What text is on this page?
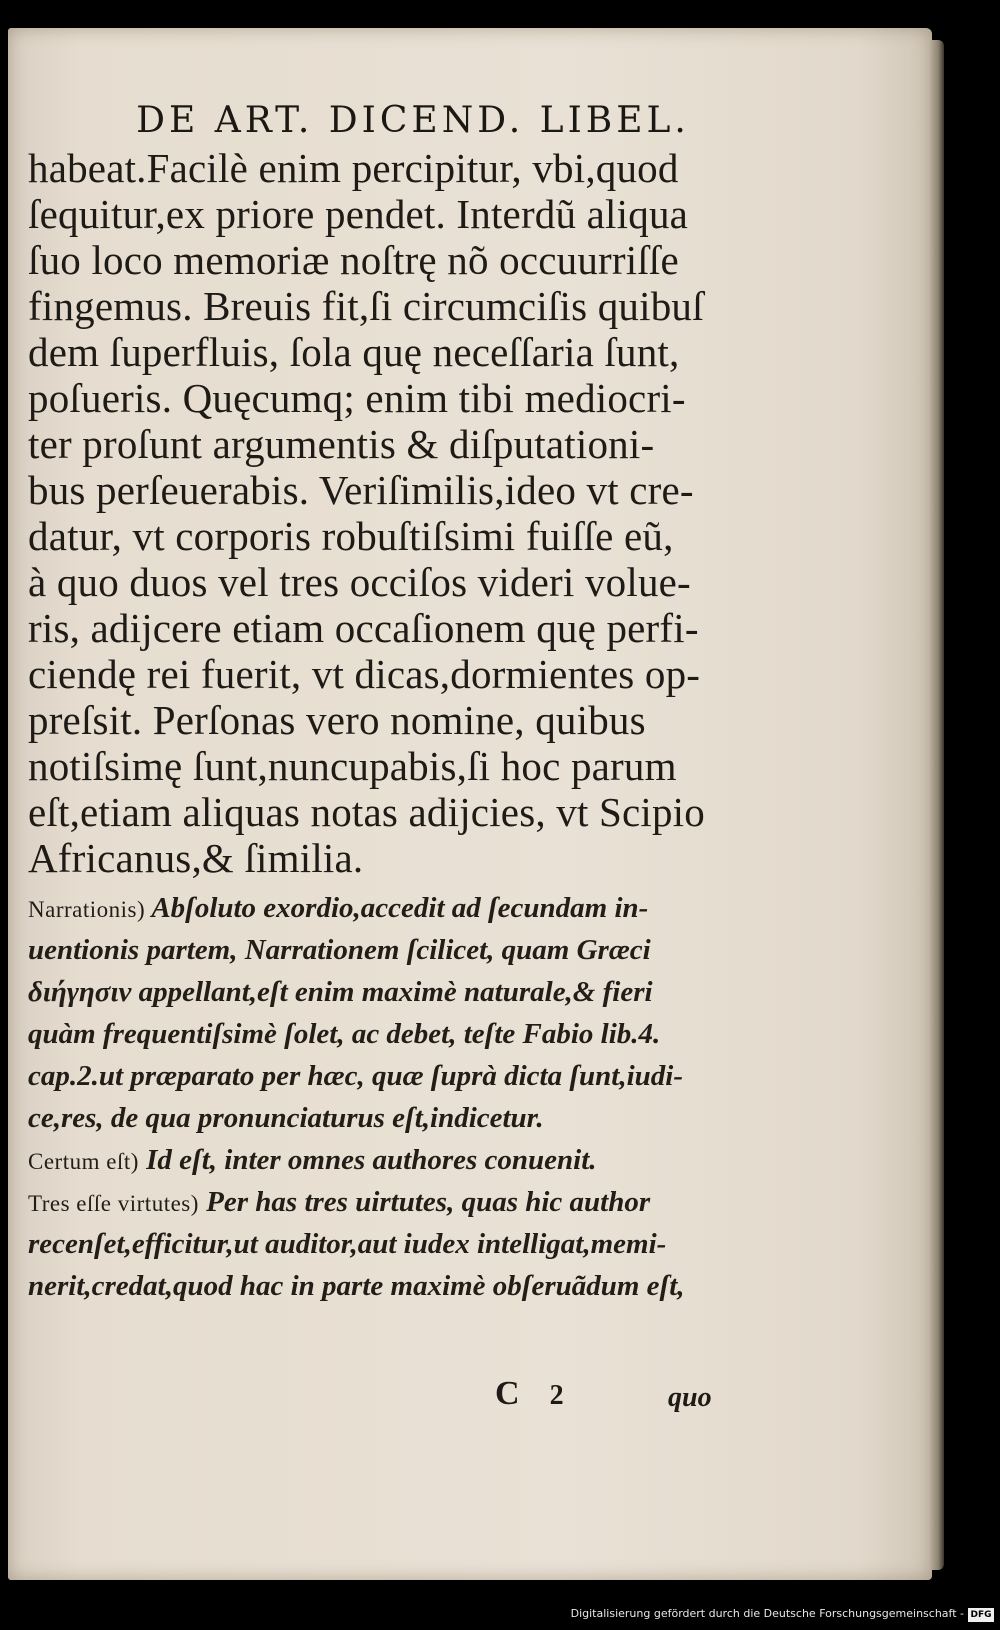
DE ART. DICEND. LIBEL.
habeat.Facilè enim percipitur, vbi,quod
ſequitur,ex priore pendet. Interdũ aliqua
ſuo loco memoriæ noſtrę nõ occuurriſſe
fingemus. Breuis fit,ſi circumciſis quibuſ
dem ſuperfluis, ſola quę neceſſaria ſunt,
poſueris. Quęcumq; enim tibi mediocri-
ter proſunt argumentis & diſputationi-
bus perſeuerabis. Veriſimilis,ideo vt cre-
datur, vt corporis robuſtiſsimi fuiſſe eũ,
à quo duos vel tres occiſos videri volue-
ris, adijcere etiam occaſionem quę perfi-
ciendę rei fuerit, vt dicas,dormientes op-
preſsit. Perſonas vero nomine, quibus
notiſsimę ſunt,nuncupabis,ſi hoc parum
eſt,etiam aliquas notas adijcies, vt Scipio
Africanus,& ſimilia.
Narrationis) Abſoluto exordio,accedit ad ſecundam in-
uentionis partem, Narrationem ſcilicet, quam Græci
διήγησιν appellant,eſt enim maximè naturale,& fieri
quàm frequentiſsimè ſolet, ac debet, teſte Fabio lib.4.
cap.2.ut præparato per hæc, quæ ſuprà dicta ſunt,iudi-
ce,res, de qua pronunciaturus eſt,indicetur.
Certum eſt) Id eſt, inter omnes authores conuenit.
Tres eſſe virtutes) Per has tres uirtutes, quas hic author
recenſet,efficitur,ut auditor,aut iudex intelligat,memi-
nerit,credat,quod hac in parte maximè obſeruãdum eſt,
C 2	quo
Digitalisierung gefördert durch die Deutsche Forschungsgemeinschaft - DFG
